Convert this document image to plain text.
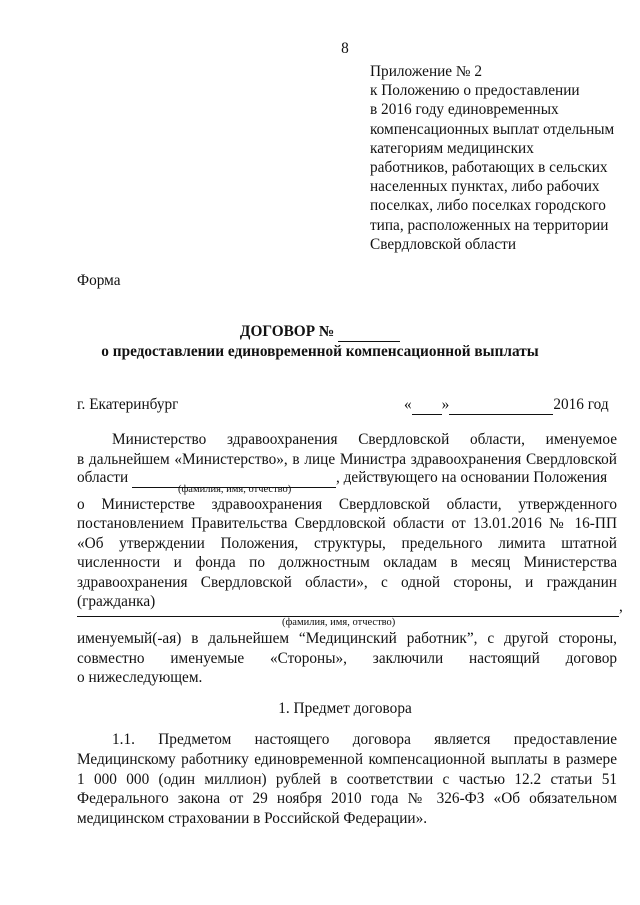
8
Приложение № 2
к Положению о предоставлении
в 2016 году единовременных
компенсационных выплат отдельным
категориям медицинских
работников, работающих в сельских
населенных пунктах, либо рабочих
поселках, либо поселках городского
типа, расположенных на территории
Свердловской области
Форма
ДОГОВОР №
о предоставлении единовременной компенсационной выплаты
г. Екатеринбург	« »	2016 год
Министерство здравоохранения Свердловской области, именуемое
в дальнейшем «Министерство», в лице Министра здравоохранения Свердловской
области	, действующего на основании Положения
(фамилия, имя, отчество)
о Министерстве здравоохранения Свердловской области, утвержденного
постановлением Правительства Свердловской области от 13.01.2016 № 16-ПП
«Об утверждении Положения, структуры, предельного лимита штатной
численности и фонда по должностным окладам в месяц Министерства
здравоохранения Свердловской области», с одной стороны, и гражданин
(гражданка)	,
(фамилия, имя, отчество)
именуемый(-ая) в дальнейшем “Медицинский работник”, с другой стороны,
совместно именуемые «Стороны», заключили настоящий договор
о нижеследующем.
1. Предмет договора
1.1. Предметом настоящего договора является предоставление
Медицинскому работнику единовременной компенсационной выплаты в размере
1 000 000 (один миллион) рублей в соответствии с частью 12.2 статьи 51
Федерального закона от 29 ноября 2010 года № 326-ФЗ «Об обязательном
медицинском страховании в Российской Федерации».
